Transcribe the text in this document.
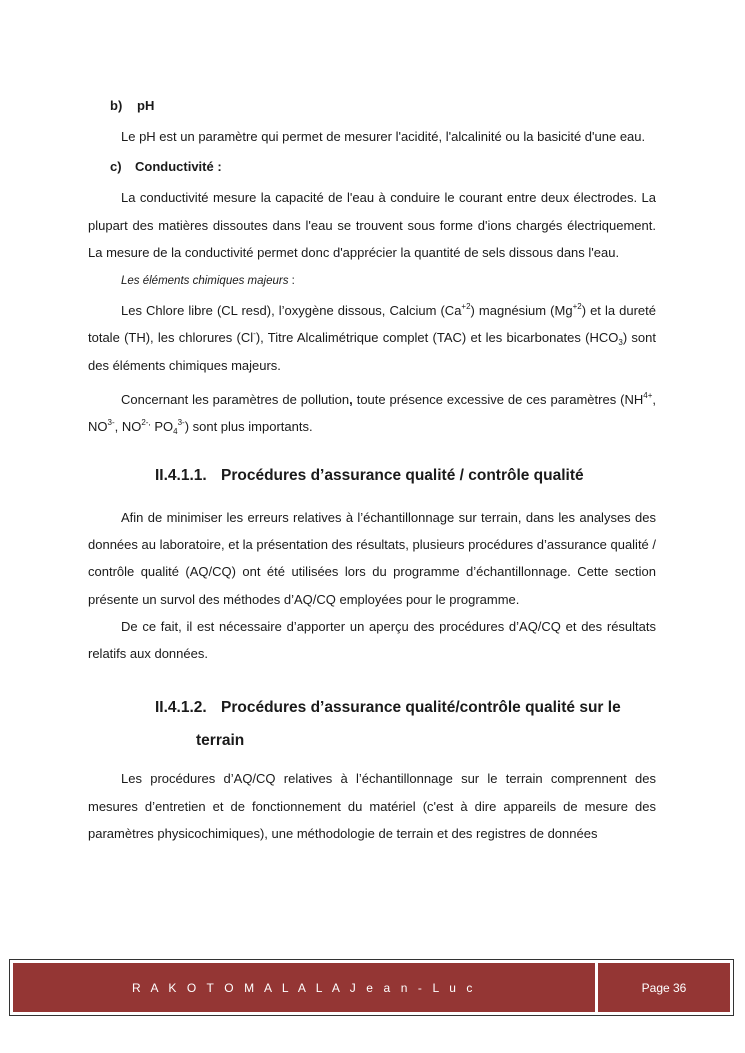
b) pH

Le pH est un paramètre qui permet de mesurer l'acidité, l'alcalinité ou la basicité d'une eau.

c) Conductivité :

La conductivité mesure la capacité de l'eau à conduire le courant entre deux électrodes. La plupart des matières dissoutes dans l'eau se trouvent sous forme d'ions chargés électriquement. La mesure de la conductivité permet donc d'apprécier la quantité de sels dissous dans l'eau.

Les éléments chimiques majeurs :

Les Chlore libre (CL resd), l’oxygène dissous, Calcium $(Ca^{+2})$ magnésium $(Mg^{+2})$ et la dureté totale (TH), les chlorures (Cl-), Titre Alcalimétrique complet (TAC) et les bicarbonates $(HCO_3)$ sont des éléments chimiques majeurs.

Concernant les paramètres de pollution, toute présence excessive de ces paramètres ($NH^{4+}$, $NO^{3-}$, $NO^{2-,}$ $PO_4^{3-}$) sont plus importants.

II.4.1.1. Procédures d’assurance qualité / contrôle qualité

Afin de minimiser les erreurs relatives à l’échantillonnage sur terrain, dans les analyses des données au laboratoire, et la présentation des résultats, plusieurs procédures d’assurance qualité / contrôle qualité (AQ/CQ) ont été utilisées lors du programme d’échantillonnage. Cette section présente un survol des méthodes d’AQ/CQ employées pour le programme.

De ce fait, il est nécessaire d’apporter un aperçu des procédures d’AQ/CQ et des résultats relatifs aux données.

II.4.1.2. Procédures d’assurance qualité/contrôle qualité sur le
terrain

Les procédures d’AQ/CQ relatives à l’échantillonnage sur le terrain comprennent des mesures d’entretien et de fonctionnement du matériel (c'est à dire appareils de mesure des paramètres physicochimiques), une méthodologie de terrain et des registres de données

R A K O T O M A L A L A J e a n - L u c	Page 36
